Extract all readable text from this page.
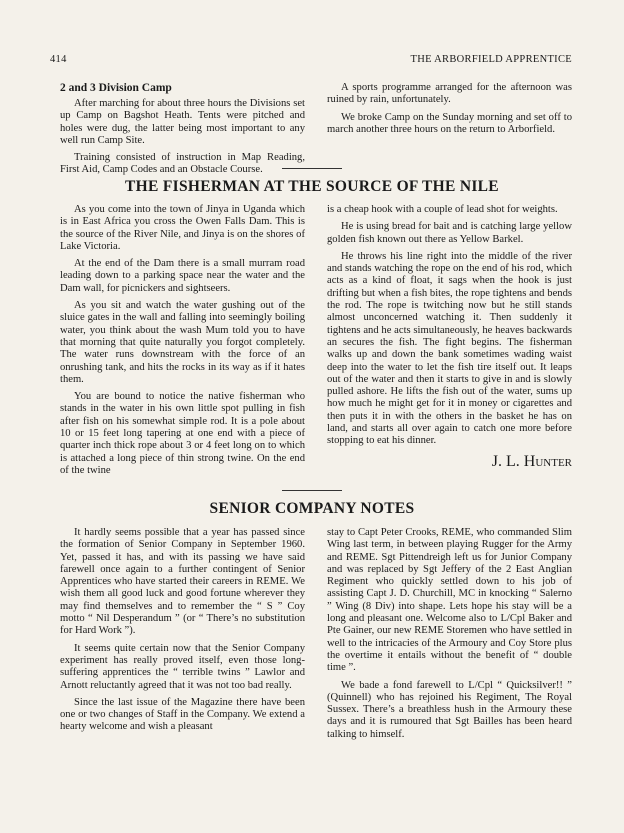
414	THE ARBORFIELD APPRENTICE
2 and 3 Division Camp

After marching for about three hours the Divisions set up Camp on Bagshot Heath. Tents were pitched and holes were dug, the latter being most important to any well run Camp Site.

Training consisted of instruction in Map Reading, First Aid, Camp Codes and an Obstacle Course.

A sports programme arranged for the afternoon was ruined by rain, unfortunately.

We broke Camp on the Sunday morning and set off to march another three hours on the return to Arborfield.

THE FISHERMAN AT THE SOURCE OF THE NILE

As you come into the town of Jinya in Uganda which is in East Africa you cross the Owen Falls Dam. This is the source of the River Nile, and Jinya is on the shores of Lake Victoria.

At the end of the Dam there is a small murram road leading down to a parking space near the water and the Dam wall, for picnickers and sightseers.

As you sit and watch the water gushing out of the sluice gates in the wall and falling into seemingly boiling water, you think about the wash Mum told you to have that morning that quite naturally you forgot completely. The water runs downstream with the force of an onrushing tank, and hits the rocks in its way as if it hates them.

You are bound to notice the native fisherman who stands in the water in his own little spot pulling in fish after fish on his somewhat simple rod. It is a pole about 10 or 15 feet long tapering at one end with a piece of quarter inch thick rope about 3 or 4 feet long on to which is attached a long piece of thin strong twine. On the end of the twine

is a cheap hook with a couple of lead shot for weights.

He is using bread for bait and is catching large yellow golden fish known out there as Yellow Barkel.

He throws his line right into the middle of the river and stands watching the rope on the end of his rod, which acts as a kind of float, it sags when the hook is just drifting but when a fish bites, the rope tightens and bends the rod. The rope is twitching now but he still stands almost unconcerned watching it. Then suddenly it tightens and he acts simultaneously, he heaves backwards an secures the fish. The fight begins. The fisherman walks up and down the bank sometimes wading waist deep into the water to let the fish tire itself out. It leaps out of the water and then it starts to give in and is slowly pulled ashore. He lifts the fish out of the water, sums up how much he might get for it in money or cigarettes and then puts it in with the others in the basket he has on land, and starts all over again to catch one more before stopping to eat his dinner.

J. L. Hunter
SENIOR COMPANY NOTES

It hardly seems possible that a year has passed since the formation of Senior Company in September 1960. Yet, passed it has, and with its passing we have said farewell once again to a further contingent of Senior Apprentices who have started their careers in REME. We wish them all good luck and good fortune wherever they may find themselves and to remember the “ S ” Coy motto “ Nil Desperandum ” (or “ There’s no substitution for Hard Work ”).

It seems quite certain now that the Senior Company experiment has really proved itself, even those long-suffering apprentices the “ terrible twins ” Lawlor and Arnott reluctantly agreed that it was not too bad really.

Since the last issue of the Magazine there have been one or two changes of Staff in the Company. We extend a hearty welcome and wish a pleasant

stay to Capt Peter Crooks, REME, who commanded Slim Wing last term, in between playing Rugger for the Army and REME. Sgt Pittendreigh left us for Junior Company and was replaced by Sgt Jeffery of the 2 East Anglian Regiment who quickly settled down to his job of assisting Capt J. D. Churchill, MC in knocking “ Salerno ” Wing (8 Div) into shape. Lets hope his stay will be a long and pleasant one. Welcome also to L/Cpl Baker and Pte Gainer, our new REME Storemen who have settled in well to the intricacies of the Armoury and Coy Store plus the overtime it entails without the benefit of “ double time ”.

We bade a fond farewell to L/Cpl “ Quicksilver!! ” (Quinnell) who has rejoined his Regiment, The Royal Sussex. There’s a breathless hush in the Armoury these days and it is rumoured that Sgt Bailles has been heard talking to himself.
